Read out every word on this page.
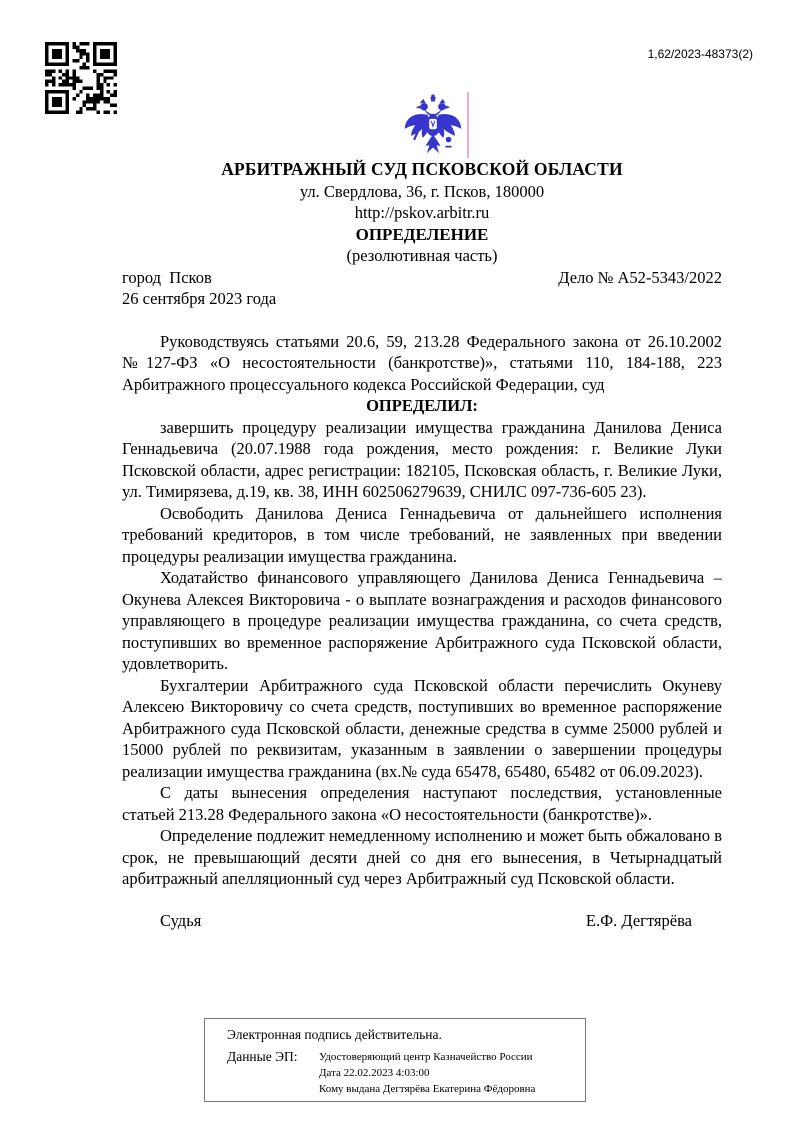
1,62/2023-48373(2)
АРБИТРАЖНЫЙ СУД ПСКОВСКОЙ ОБЛАСТИ
ул. Свердлова, 36, г. Псков, 180000
http://pskov.arbitr.ru
ОПРЕДЕЛЕНИЕ
(резолютивная часть)
город  Псков	Дело № А52-5343/2022
26 сентября 2023 года

Руководствуясь статьями 20.6, 59, 213.28 Федерального закона от 26.10.2002 №127-ФЗ «О несостоятельности (банкротстве)», статьями 110, 184-188, 223 Арбитражного процессуального кодекса Российской Федерации, суд

ОПРЕДЕЛИЛ:

завершить процедуру реализации имущества гражданина Данилова Дениса Геннадьевича (20.07.1988 года рождения, место рождения: г. Великие Луки Псковской области, адрес регистрации: 182105, Псковская область, г. Великие Луки, ул. Тимирязева, д.19, кв. 38, ИНН 602506279639, СНИЛС 097-736-605 23).

Освободить Данилова Дениса Геннадьевича от дальнейшего исполнения требований кредиторов, в том числе требований, не заявленных при введении процедуры реализации имущества гражданина.

Ходатайство финансового управляющего Данилова Дениса Геннадьевича – Окунева Алексея Викторовича - о выплате вознаграждения и расходов финансового управляющего в процедуре реализации имущества гражданина, со счета средств, поступивших во временное распоряжение Арбитражного суда Псковской области, удовлетворить.

Бухгалтерии Арбитражного суда Псковской области перечислить Окуневу Алексею Викторовичу со счета средств, поступивших во временное распоряжение Арбитражного суда Псковской области, денежные средства в сумме 25000 рублей и 15000 рублей по реквизитам, указанным в заявлении о завершении процедуры реализации имущества гражданина (вх.№ суда 65478, 65480, 65482 от 06.09.2023).

С даты вынесения определения наступают последствия, установленные статьей 213.28 Федерального закона «О несостоятельности (банкротстве)».

Определение подлежит немедленному исполнению и может быть обжаловано в срок, не превышающий десяти дней со дня его вынесения, в Четырнадцатый арбитражный апелляционный суд через Арбитражный суд Псковской области.

Судья	Е.Ф. Дегтярёва
Электронная подпись действительна.
Данные ЭП:	Удостоверяющий центр Казначейство России
Дата 22.02.2023 4:03:00
Кому выдана Дегтярёва Екатерина Фёдоровна
